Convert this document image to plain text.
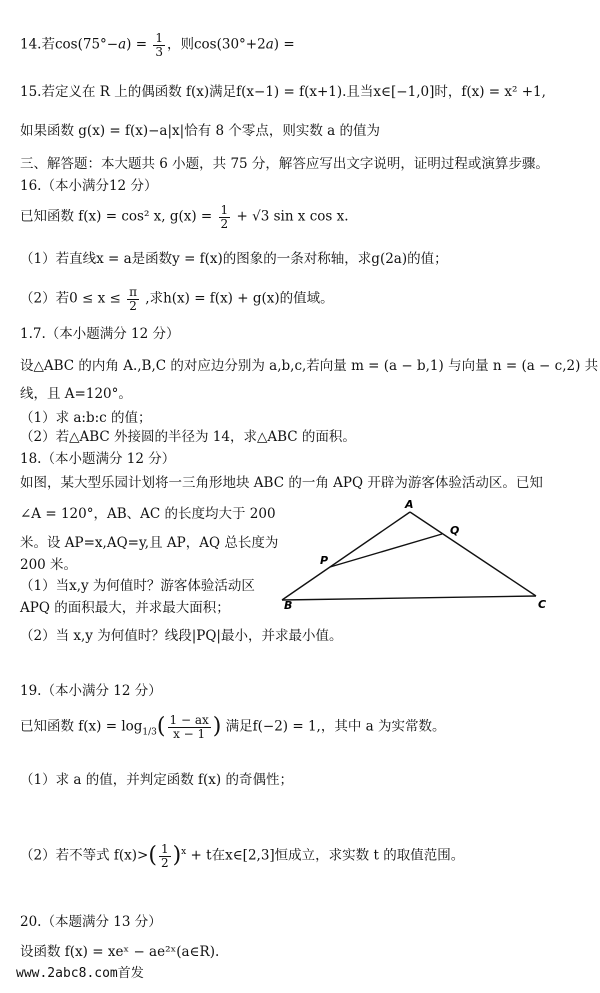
14.若$\cos(75^\circ-a) = \frac{1}{3}$ ，则cos(30°+2a) =
15.若定义在 R 上的偶函数 f(x)满足f(x−1) = f(x+1).且当x∈[−1,0]时，f(x) = x² +1,
如果函数 g(x) = f(x)−a|x|恰有 8 个零点，则实数 a 的值为
三、解答题：本大题共 6 小题，共 75 分，解答应写出文字说明，证明过程或演算步骤。
16.（本小满分12 分）
已知函数 f(x) = cos² x, $g(x) = \frac{1}{2} + √3$ sin x cos x.
（1）若直线x = a是函数y = f(x)的图象的一条对称轴，求g(2a)的值；
（2）若$0 \le x \le \frac{\pi}{2}$ ,求h(x) = f(x) + g(x)的值域。
1.7.（本小题满分 12 分）
设△ABC 的内角 A.,B,C 的对应边分别为 a,b,c,若向量 m = (a − b,1) 与向量 n = (a − c,2) 共
线，且 A=120°。
（1）求 a:b:c 的值；
（2）若△ABC 外接圆的半径为 14，求△ABC 的面积。
18.（本小题满分 12 分）
如图，某大型乐园计划将一三角形地块 ABC 的一角 APQ 开辟为游客体验活动区。已知
∠A = 120°，AB、AC 的长度均大于 200
米。设 AP=x,AQ=y,且 AP，AQ 总长度为
200 米。
（1）当x,y 为何值时？游客体验活动区
APQ 的面积最大，并求最大面积；
（2）当 x,y 为何值时？线段|PQ|最小，并求最小值。
A
Q
P
B	C
19.（本小满分 12 分）
已知函数 $f(x) = \log_{1/3}( \frac{1 - ax}{x - 1}$ ) 满足f(−2) = 1,，其中 a 为实常数。
（1）求 a 的值，并判定函数 f(x) 的奇偶性；
（2）若不等式 $f(x)>( \frac{1}{2} )^x + t$在x∈[2,3]恒成立，求实数 t 的取值范围。
20.（本题满分 13 分）
设函数 f(x) = xeˣ − ae²ˣ(a∈R).
www.2abc8.com首发
